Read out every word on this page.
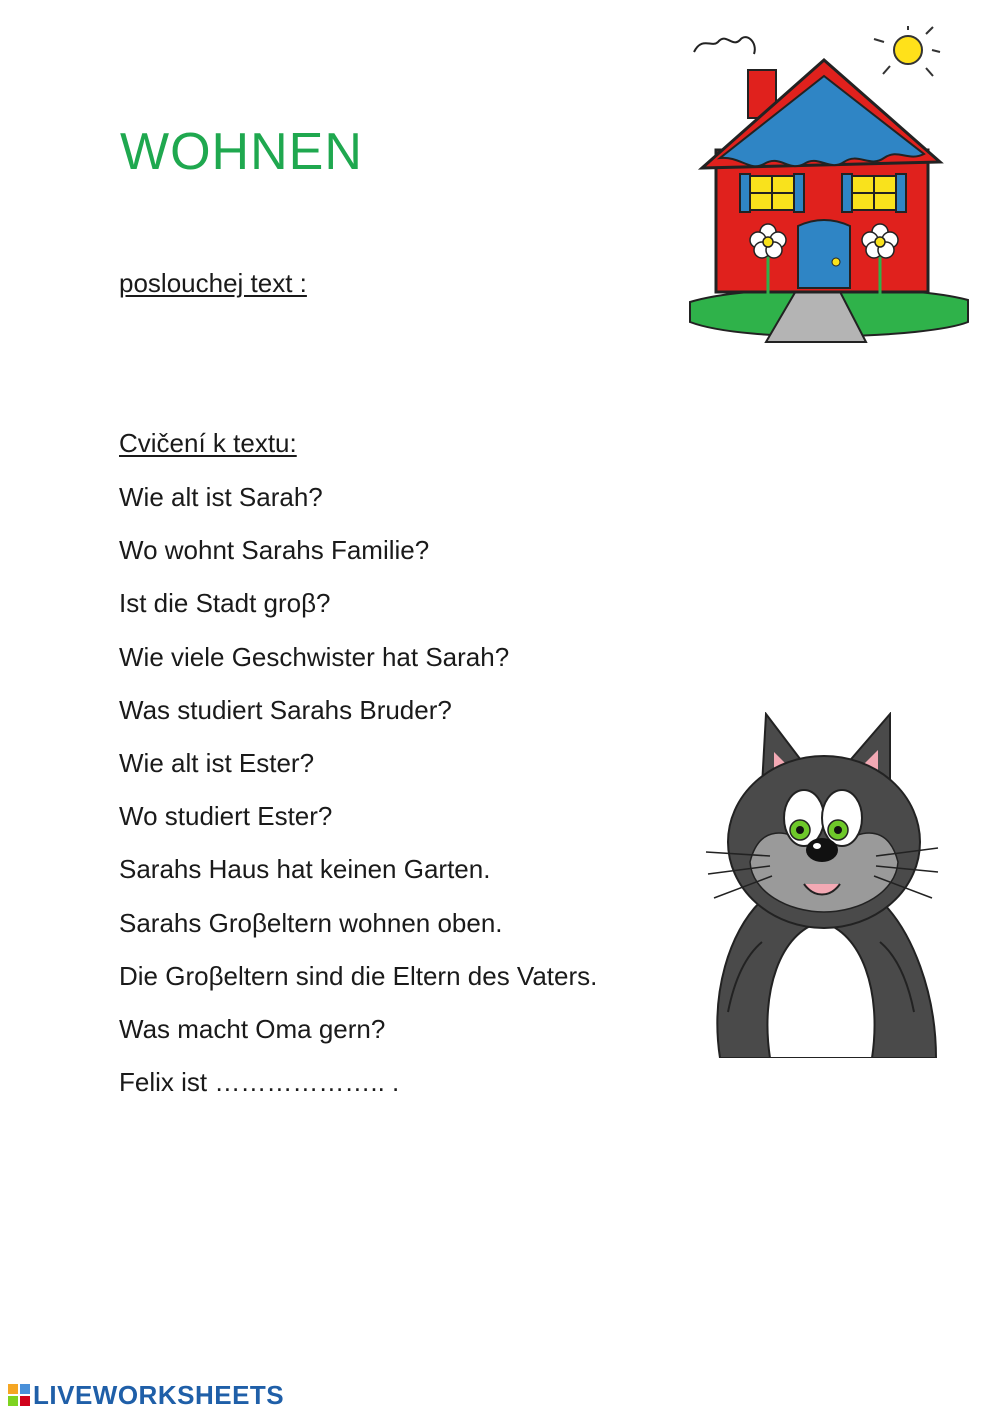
WOHNEN
poslouchej text :
Cvičení k textu:
Wie alt ist Sarah?
Wo wohnt Sarahs Familie?
Ist die Stadt groβ?
Wie viele Geschwister hat Sarah?
Was studiert Sarahs Bruder?
Wie alt ist Ester?
Wo studiert Ester?
Sarahs Haus hat keinen Garten.
Sarahs Groβeltern wohnen oben.
Die Groβeltern sind die Eltern des Vaters.
Was macht Oma gern?
Felix ist ……………….. .
LIVEWORKSHEETS
